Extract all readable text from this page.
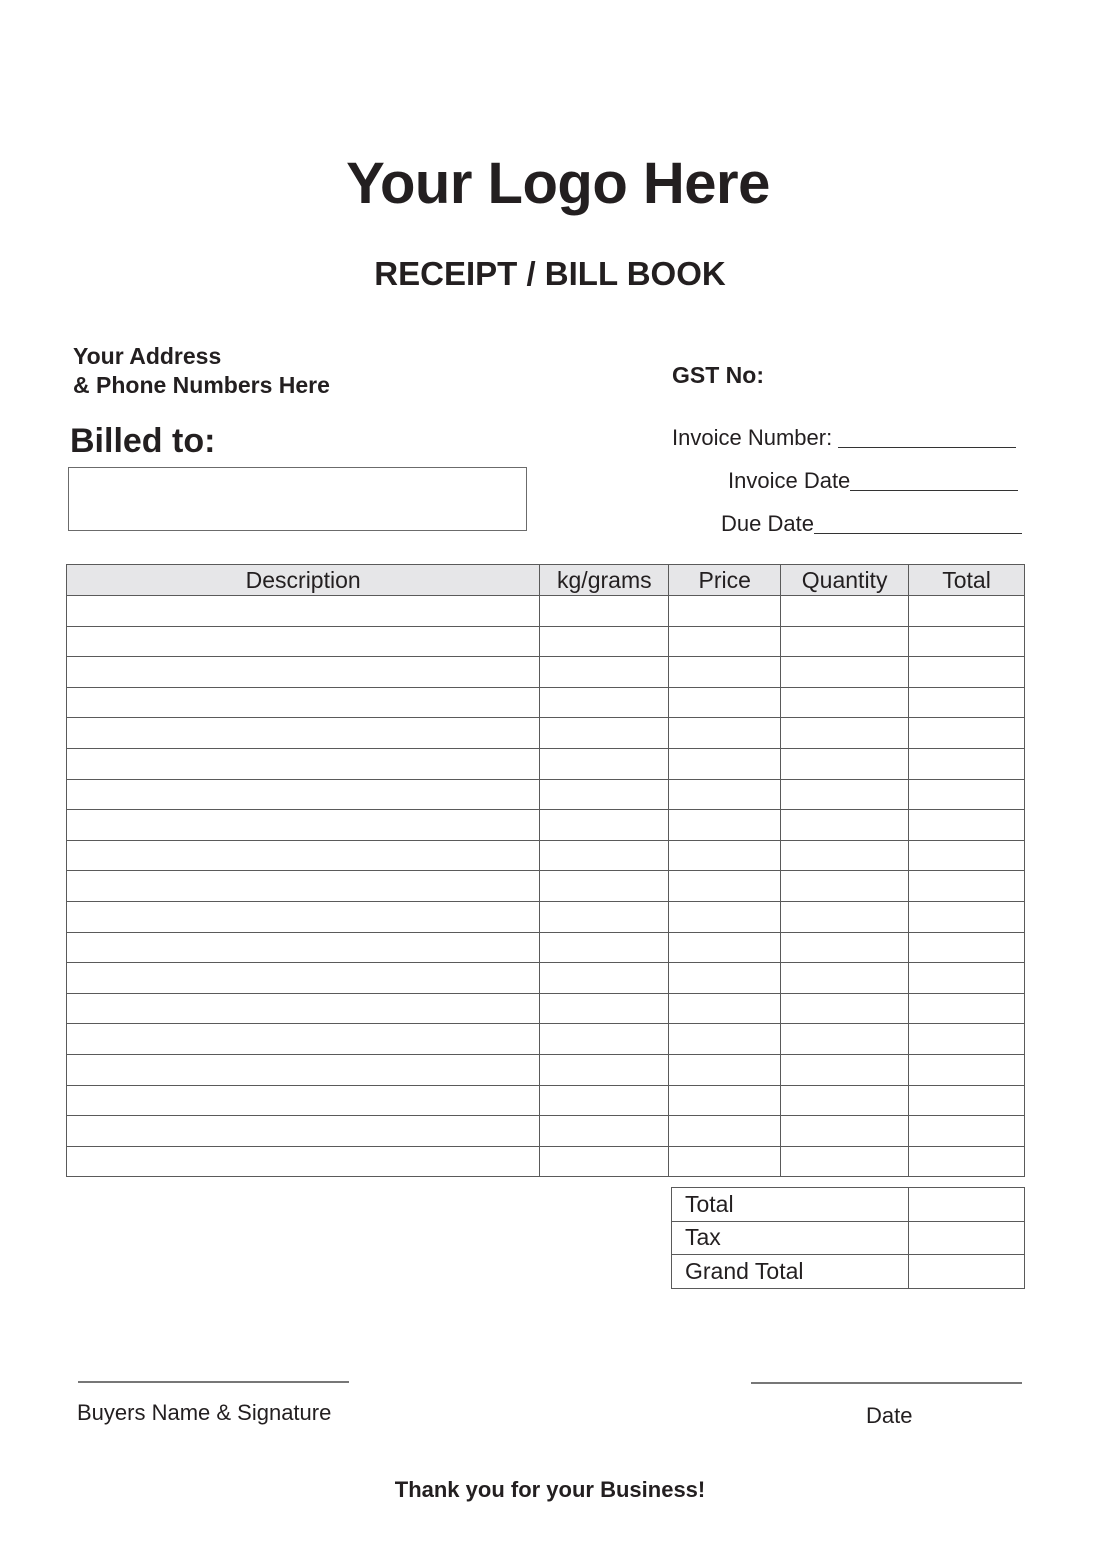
Your Logo Here
RECEIPT / BILL BOOK
Your Address
& Phone Numbers Here	GST No:
Billed to:	Invoice Number:
Invoice Date
Due Date
Description	kg/grams	Price	Quantity	Total

Total	
Tax	
Grand Total	
Buyers Name & Signature	Date
Thank you for your Business!
